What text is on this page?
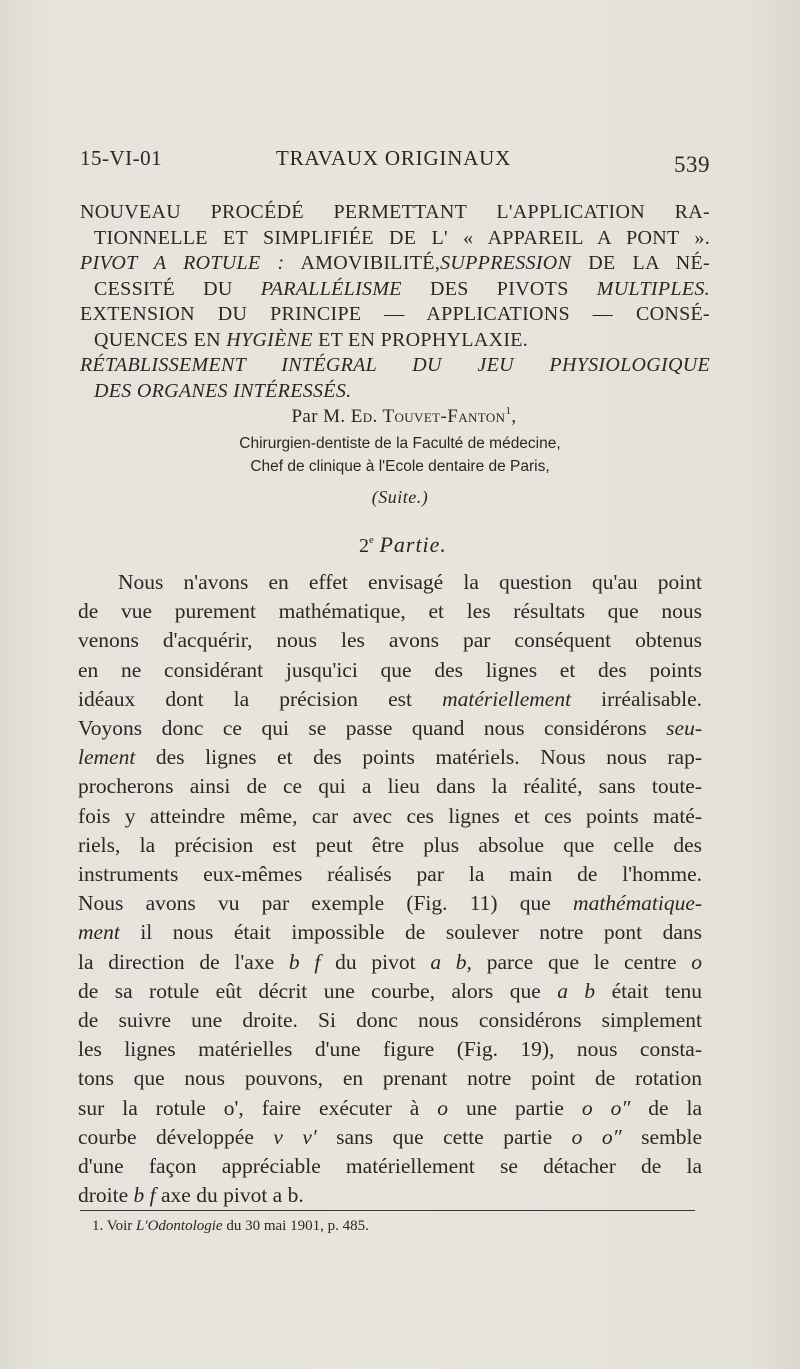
15-VI-01	TRAVAUX ORIGINAUX	539
NOUVEAU PROCÉDÉ PERMETTANT L'APPLICATION RA-
TIONNELLE ET SIMPLIFIÉE DE L' « APPAREIL A PONT ».
PIVOT A ROTULE : AMOVIBILITÉ,SUPPRESSION DE LA NÉ-
CESSITÉ DU PARALLÉLISME DES PIVOTS MULTIPLES.
EXTENSION DU PRINCIPE — APPLICATIONS — CONSÉ-
QUENCES EN HYGIÈNE ET EN PROPHYLAXIE.
RÉTABLISSEMENT INTÉGRAL DU JEU PHYSIOLOGIQUE
DES ORGANES INTÉRESSÉS.
Par M. Ed. Touvet-Fanton$^1$,
Chirurgien-dentiste de la Faculté de médecine,
Chef de clinique à l'Ecole dentaire de Paris,
(Suite.)
2e Partie.
Nous n'avons en effet envisagé la question qu'au point
de vue purement mathématique, et les résultats que nous
venons d'acquérir, nous les avons par conséquent obtenus
en ne considérant jusqu'ici que des lignes et des points
idéaux dont la précision est matériellement irréalisable.
Voyons donc ce qui se passe quand nous considérons seu-
lement des lignes et des points matériels. Nous nous rap-
procherons ainsi de ce qui a lieu dans la réalité, sans toute-
fois y atteindre même, car avec ces lignes et ces points maté-
riels, la précision est peut être plus absolue que celle des
instruments eux-mêmes réalisés par la main de l'homme.
Nous avons vu par exemple (Fig. 11) que mathématique-
ment il nous était impossible de soulever notre pont dans
la direction de l'axe b f du pivot a b, parce que le centre o
de sa rotule eût décrit une courbe, alors que a b était tenu
de suivre une droite. Si donc nous considérons simplement
les lignes matérielles d'une figure (Fig. 19), nous consta-
tons que nous pouvons, en prenant notre point de rotation
sur la rotule o', faire exécuter à o une partie o o″ de la
courbe développée v v' sans que cette partie o o″ semble
d'une façon appréciable matériellement se détacher de la
droite b f axe du pivot a b.
1. Voir L'Odontologie du 30 mai 1901, p. 485.
